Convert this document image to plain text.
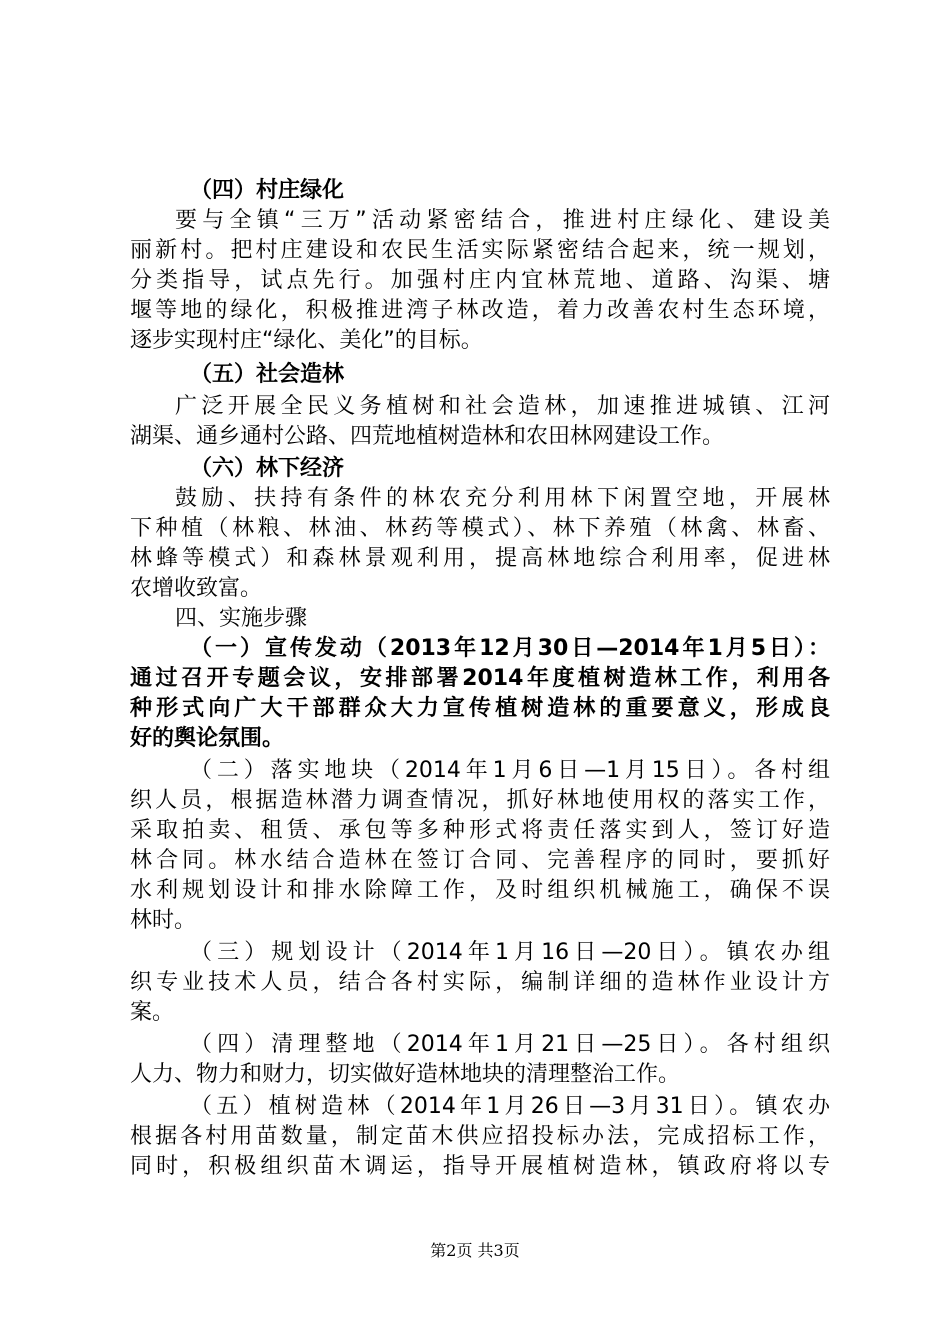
（四）村庄绿化
要与全镇“三万”活动紧密结合，推进村庄绿化、建设美
丽新村。把村庄建设和农民生活实际紧密结合起来，统一规划，
分类指导，试点先行。加强村庄内宜林荒地、道路、沟渠、塘
堰等地的绿化，积极推进湾子林改造，着力改善农村生态环境，
逐步实现村庄“绿化、美化”的目标。
（五）社会造林
广泛开展全民义务植树和社会造林，加速推进城镇、江河
湖渠、通乡通村公路、四荒地植树造林和农田林网建设工作。
（六）林下经济
鼓励、扶持有条件的林农充分利用林下闲置空地，开展林
下种植（林粮、林油、林药等模式）、林下养殖（林禽、林畜、
林蜂等模式）和森林景观利用，提高林地综合利用率，促进林
农增收致富。
四、实施步骤
（一）宣传发动（2013年12月30日—2014年1月5日）：
通过召开专题会议，安排部署2014年度植树造林工作，利用各
种形式向广大干部群众大力宣传植树造林的重要意义，形成良
好的舆论氛围。
（二）落实地块（2014年1月6日—1月15日）。各村组
织人员，根据造林潜力调查情况，抓好林地使用权的落实工作，
采取拍卖、租赁、承包等多种形式将责任落实到人，签订好造
林合同。林水结合造林在签订合同、完善程序的同时，要抓好
水利规划设计和排水除障工作，及时组织机械施工，确保不误
林时。
（三）规划设计（2014年1月16日—20日）。镇农办组
织专业技术人员，结合各村实际，编制详细的造林作业设计方
案。
（四）清理整地（2014年1月21日—25日）。各村组织
人力、物力和财力，切实做好造林地块的清理整治工作。
（五）植树造林（2014年1月26日—3月31日）。镇农办
根据各村用苗数量，制定苗木供应招投标办法，完成招标工作，
同时，积极组织苗木调运，指导开展植树造林，镇政府将以专
第2页 共3页
